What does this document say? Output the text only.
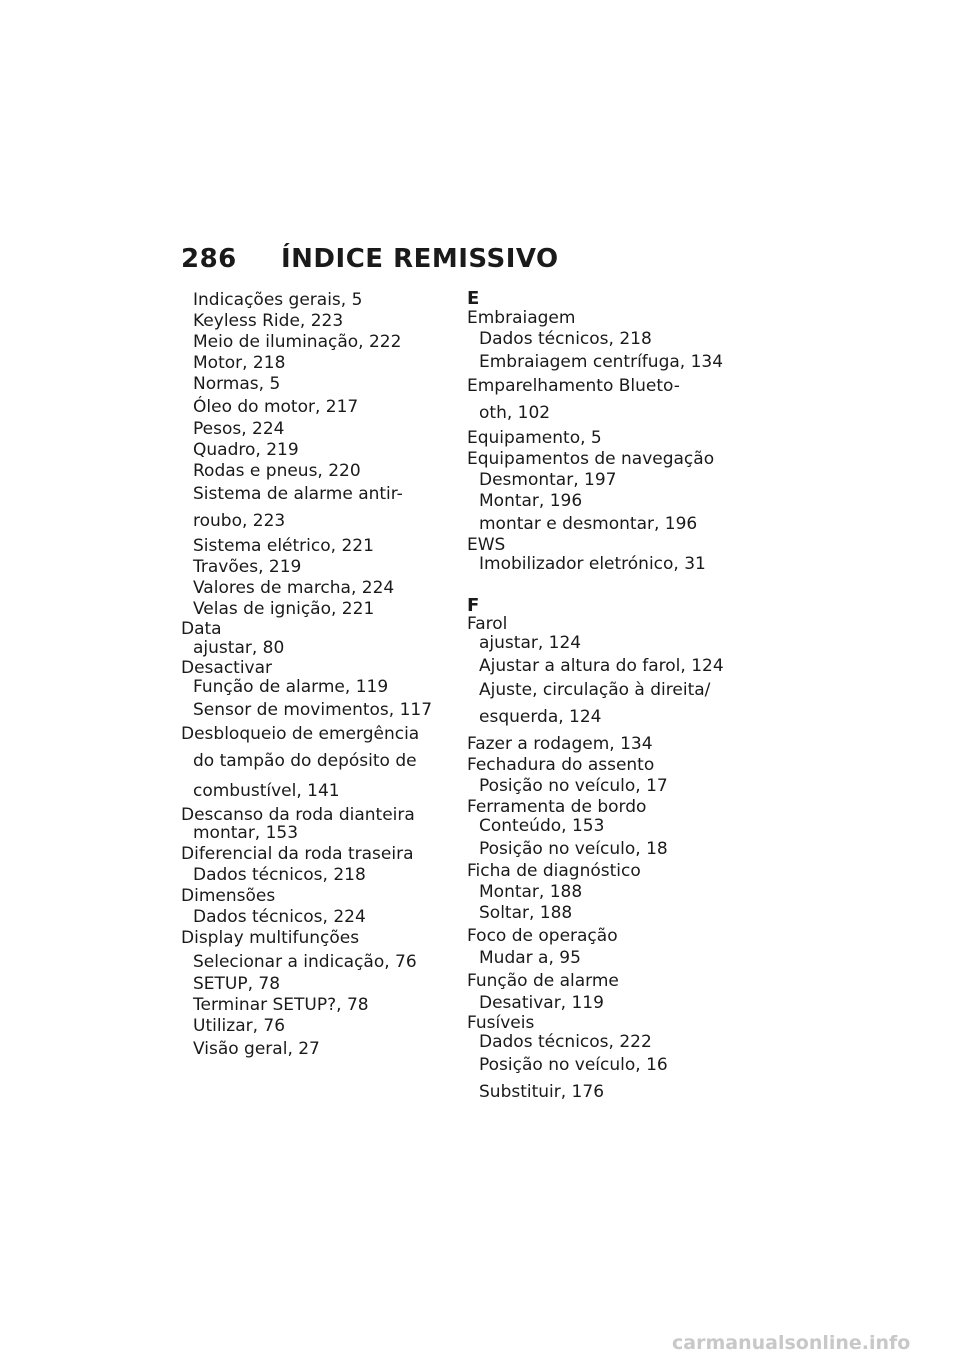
286 ÍNDICE REMISSIVO
Indicações gerais, 5
Keyless Ride, 223
Meio de iluminação, 222
Motor, 218
Normas, 5
Óleo do motor, 217
Pesos, 224
Quadro, 219
Rodas e pneus, 220
Sistema de alarme antir-
roubo, 223
Sistema elétrico, 221
Travões, 219
Valores de marcha, 224
Velas de ignição, 221
Data
ajustar, 80
Desactivar
Função de alarme, 119
Sensor de movimentos, 117
Desbloqueio de emergência
do tampão do depósito de
combustível, 141
Descanso da roda dianteira
montar, 153
Diferencial da roda traseira
Dados técnicos, 218
Dimensões
Dados técnicos, 224
Display multifunções
Selecionar a indicação, 76
SETUP, 78
Terminar SETUP?, 78
Utilizar, 76
Visão geral, 27
E
Embraiagem
Dados técnicos, 218
Embraiagem centrífuga, 134
Emparelhamento Blueto-
oth, 102
Equipamento, 5
Equipamentos de navegação
Desmontar, 197
Montar, 196
montar e desmontar, 196
EWS
Imobilizador eletrónico, 31
F
Farol
ajustar, 124
Ajustar a altura do farol, 124
Ajuste, circulação à direita/
esquerda, 124
Fazer a rodagem, 134
Fechadura do assento
Posição no veículo, 17
Ferramenta de bordo
Conteúdo, 153
Posição no veículo, 18
Ficha de diagnóstico
Montar, 188
Soltar, 188
Foco de operação
Mudar a, 95
Função de alarme
Desativar, 119
Fusíveis
Dados técnicos, 222
Posição no veículo, 16
Substituir, 176
carmanualsonline.info
